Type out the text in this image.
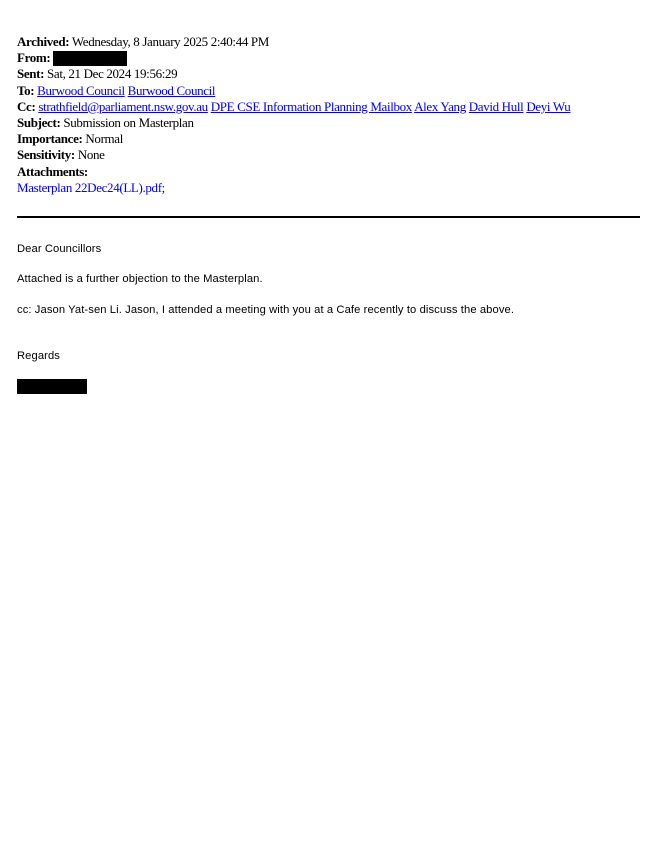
Archived: Wednesday, 8 January 2025 2:40:44 PM
From:
Sent: Sat, 21 Dec 2024 19:56:29
To: Burwood Council Burwood Council
Cc: strathfield@parliament.nsw.gov.au DPE CSE Information Planning Mailbox Alex Yang David Hull Deyi Wu
Subject: Submission on Masterplan
Importance: Normal
Sensitivity: None
Attachments:
Masterplan 22Dec24(LL).pdf;
Dear Councillors
Attached is a further objection to the Masterplan.
cc: Jason Yat-sen Li. Jason, I attended a meeting with you at a Cafe recently to discuss the above.
Regards
